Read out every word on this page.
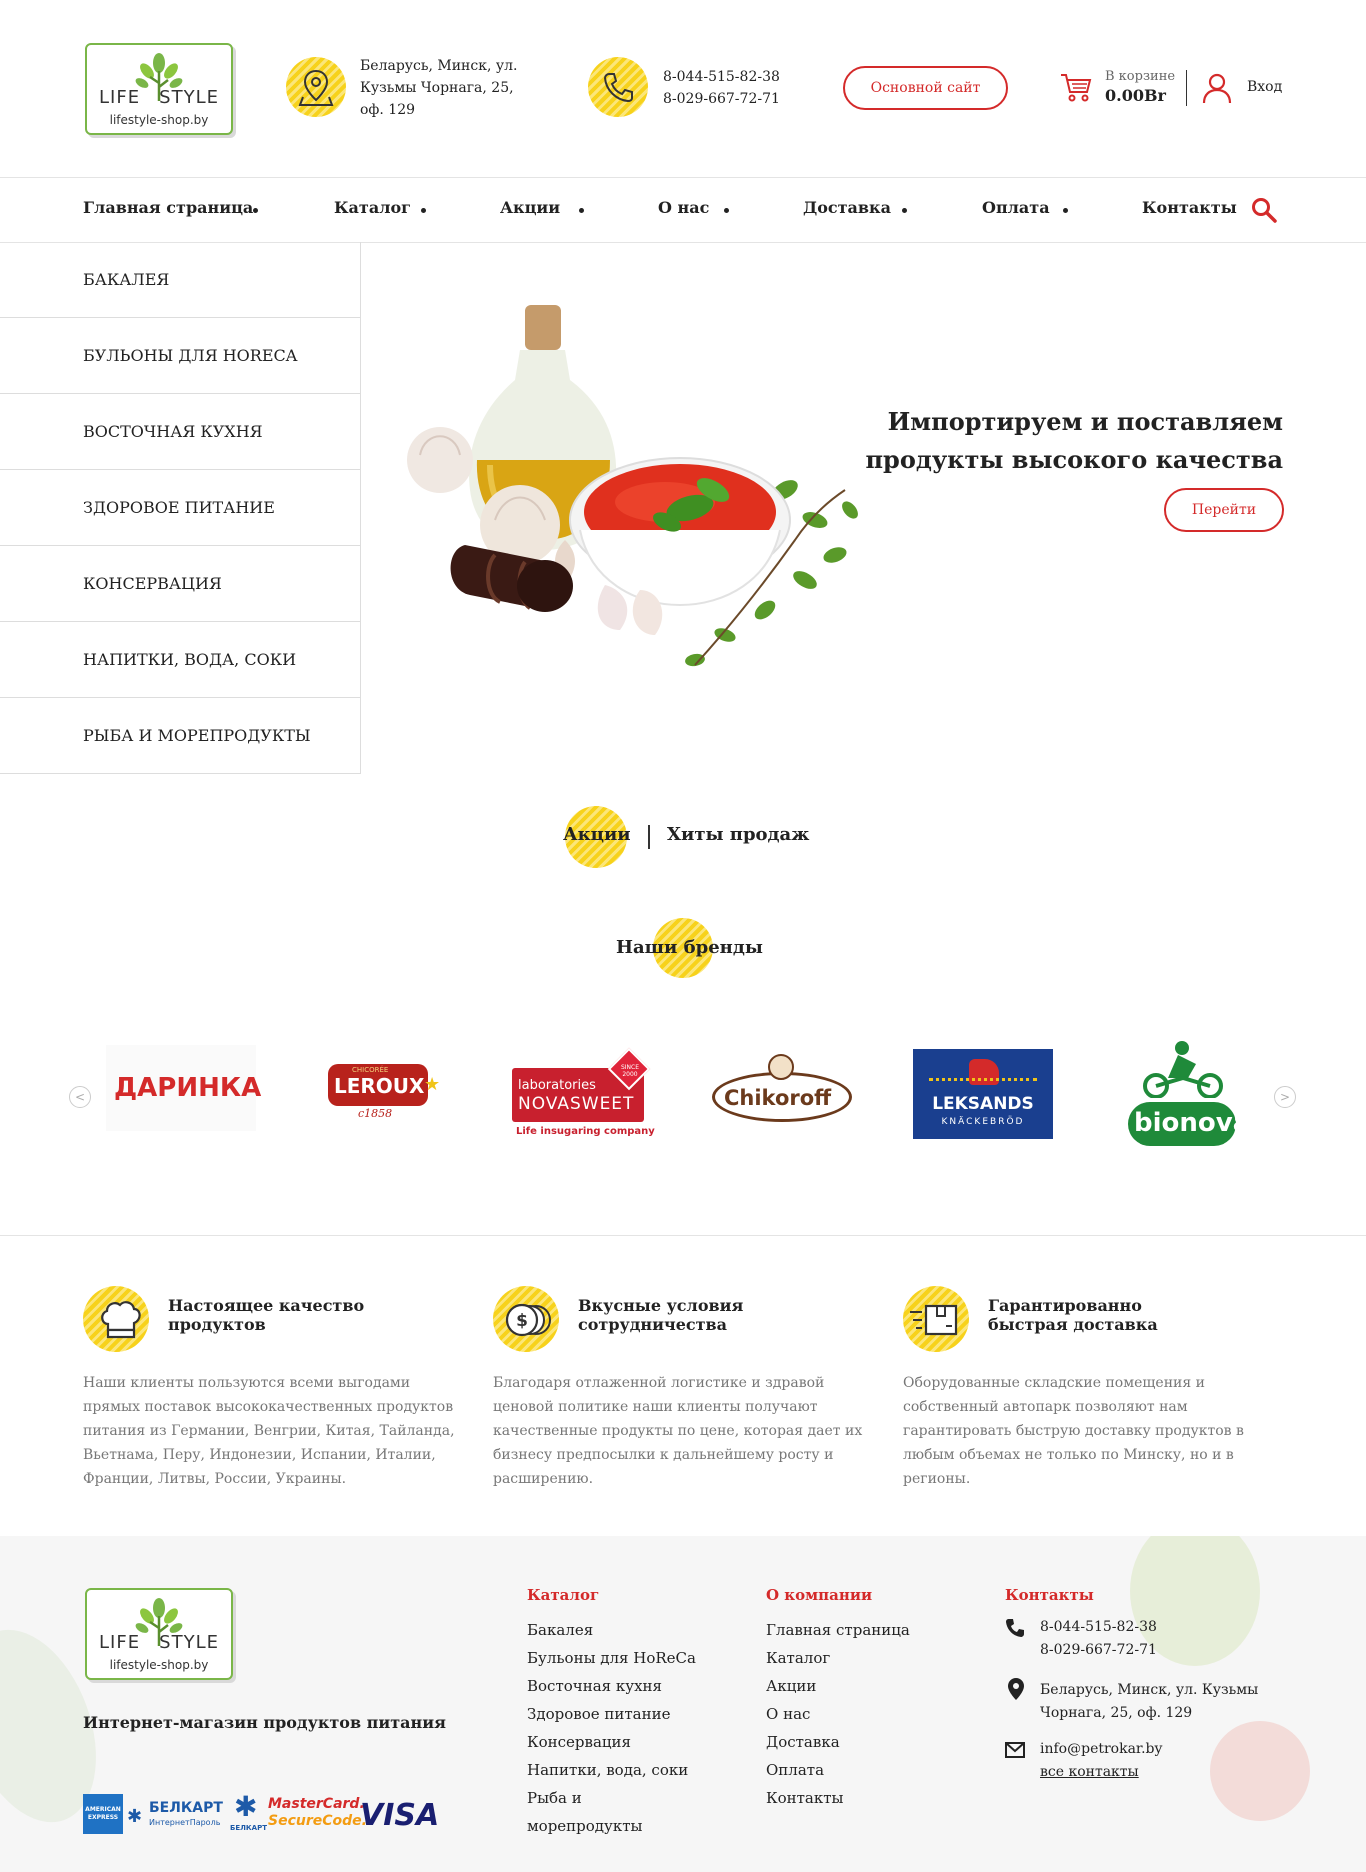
LIFE STYLE
lifestyle-shop.by
Беларусь, Минск, ул. Кузьмы Чорнага, 25, оф. 129
8-044-515-82-38
8-029-667-72-71
Основной сайт
В корзине
0.00Br	Вход
Главная страница	Каталог	Акции	О нас	Доставка	Оплата	Контакты
БАКАЛЕЯ
БУЛЬОНЫ ДЛЯ HORECA
ВОСТОЧНАЯ КУХНЯ
ЗДОРОВОЕ ПИТАНИЕ
КОНСЕРВАЦИЯ
НАПИТКИ, ВОДА, СОКИ
РЫБА И МОРЕПРОДУКТЫ
Импортируем и поставляем
продукты высокого качества
Перейти
Акции Хиты продаж
Наши бренды
<	>
ДАРИНКА
CHICORÉE
LEROUX ★
c1858
SINCE 2000
laboratories
NOVASWEET
Life insugaring company
Chikoroff	LEKSANDS
KNÄCKEBRÖD	bionova
Настоящее качество
продуктов
Наши клиенты пользуются всеми выгодами прямых поставок высококачественных продуктов питания из Германии, Венгрии, Китая, Тайланда, Вьетнама, Перу, Индонезии, Испании, Италии, Франции, Литвы, России, Украины.
$
Вкусные условия
сотрудничества
Благодаря отлаженной логистике и здравой ценовой политике наши клиенты получают качественные продукты по цене, которая дает их бизнесу предпосылки к дальнейшему росту и расширению.
Гарантированно
быстрая доставка
Оборудованные складские помещения и собственный автопарк позволяют нам гарантировать быструю доставку продуктов в любым объемах не только по Минску, но и в регионы.
LIFE STYLE
lifestyle-shop.by
Интернет-магазин продуктов питания
AMERICAN EXPRESS ✱ БЕЛКАРТ
ИнтернетПароль ✱
БЕЛКАРТ
MasterCard.
SecureCode.
VISA
Каталог
Бакалея
Бульоны для HoReCa
Восточная кухня
Здоровое питание
Консервация
Напитки, вода, соки
Рыба и морепродукты
О компании
Главная страница
Каталог
Акции
О нас
Доставка
Оплата
Контакты
Контакты
8-044-515-82-38
8-029-667-72-71
Беларусь, Минск, ул. Кузьмы Чорнага, 25, оф. 129
info@petrokar.by
все контакты
